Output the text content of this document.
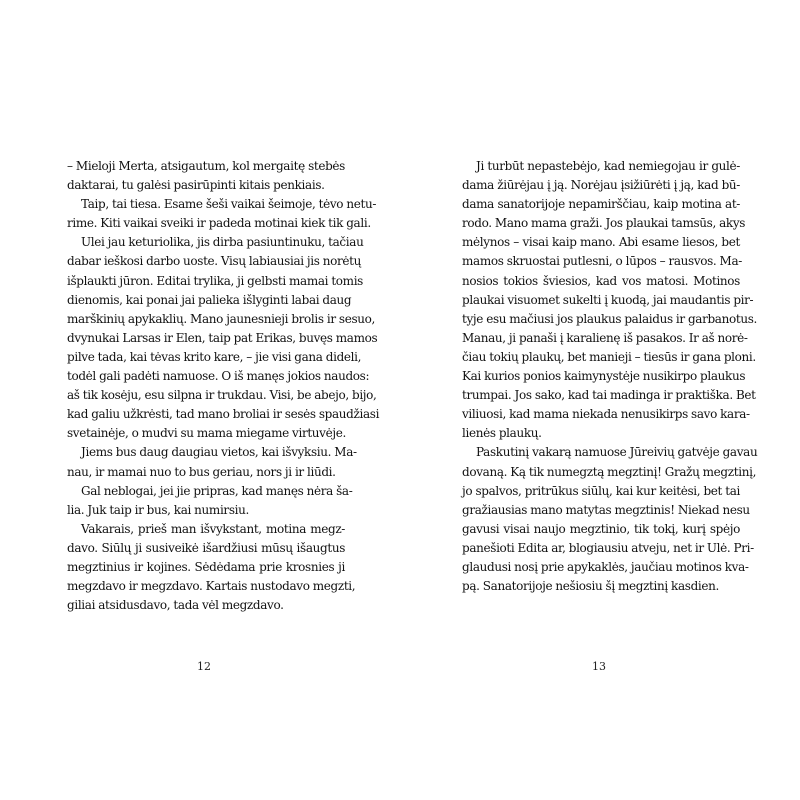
– Mieloji Merta, atsigautum, kol mergaitę stebės
daktarai, tu galėsi pasirūpinti kitais penkiais.
Taip, tai tiesa. Esame šeši vaikai šeimoje, tėvo netu-
rime. Kiti vaikai sveiki ir padeda motinai kiek tik gali.
Ulei jau keturiolika, jis dirba pasiuntinuku, tačiau
dabar ieškosi darbo uoste. Visų labiausiai jis norėtų
išplaukti jūron. Editai trylika, ji gelbsti mamai tomis
dienomis, kai ponai jai palieka išlyginti labai daug
marškinių apykaklių. Mano jaunesnieji brolis ir sesuo,
dvynukai Larsas ir Elen, taip pat Erikas, buvęs mamos
pilve tada, kai tėvas krito kare, – jie visi gana dideli,
todėl gali padėti namuose. O iš manęs jokios naudos:
aš tik kosėju, esu silpna ir trukdau. Visi, be abejo, bijo,
kad galiu užkrėsti, tad mano broliai ir sesės spaudžiasi
svetainėje, o mudvi su mama miegame virtuvėje.
Jiems bus daug daugiau vietos, kai išvyksiu. Ma-
nau, ir mamai nuo to bus geriau, nors ji ir liūdi.
Gal neblogai, jei jie pripras, kad manęs nėra ša-
lia. Juk taip ir bus, kai numirsiu.
Vakarais, prieš man išvykstant, motina megz-
davo. Siūlų ji susiveikė išardžiusi mūsų išaugtus
megztinius ir kojines. Sėdėdama prie krosnies ji
megzdavo ir megzdavo. Kartais nustodavo megzti,
giliai atsidusdavo, tada vėl megzdavo.
12
Ji turbūt nepastebėjo, kad nemiegojau ir gulė-
dama žiūrėjau į ją. Norėjau įsižiūrėti į ją, kad bū-
dama sanatorijoje nepamirščiau, kaip motina at-
rodo. Mano mama graži. Jos plaukai tamsūs, akys
mėlynos – visai kaip mano. Abi esame liesos, bet
mamos skruostai putlesni, o lūpos – rausvos. Ma-
nosios tokios šviesios, kad vos matosi. Motinos
plaukai visuomet sukelti į kuodą, jai maudantis pir-
tyje esu mačiusi jos plaukus palaidus ir garbanotus.
Manau, ji panaši į karalienę iš pasakos. Ir aš norė-
čiau tokių plaukų, bet manieji – tiesūs ir gana ploni.
Kai kurios ponios kaimynystėje nusikirpo plaukus
trumpai. Jos sako, kad tai madinga ir praktiška. Bet
viliuosi, kad mama niekada nenusikirps savo kara-
lienės plaukų.
Paskutinį vakarą namuose Jūreivių gatvėje gavau
dovaną. Ką tik numegztą megztinį! Gražų megztinį,
jo spalvos, pritrūkus siūlų, kai kur keitėsi, bet tai
gražiausias mano matytas megztinis! Niekad nesu
gavusi visai naujo megztinio, tik tokį, kurį spėjo
panešioti Edita ar, blogiausiu atveju, net ir Ulė. Pri-
glaudusi nosį prie apykaklės, jaučiau motinos kva-
pą. Sanatorijoje nešiosiu šį megztinį kasdien.
13
